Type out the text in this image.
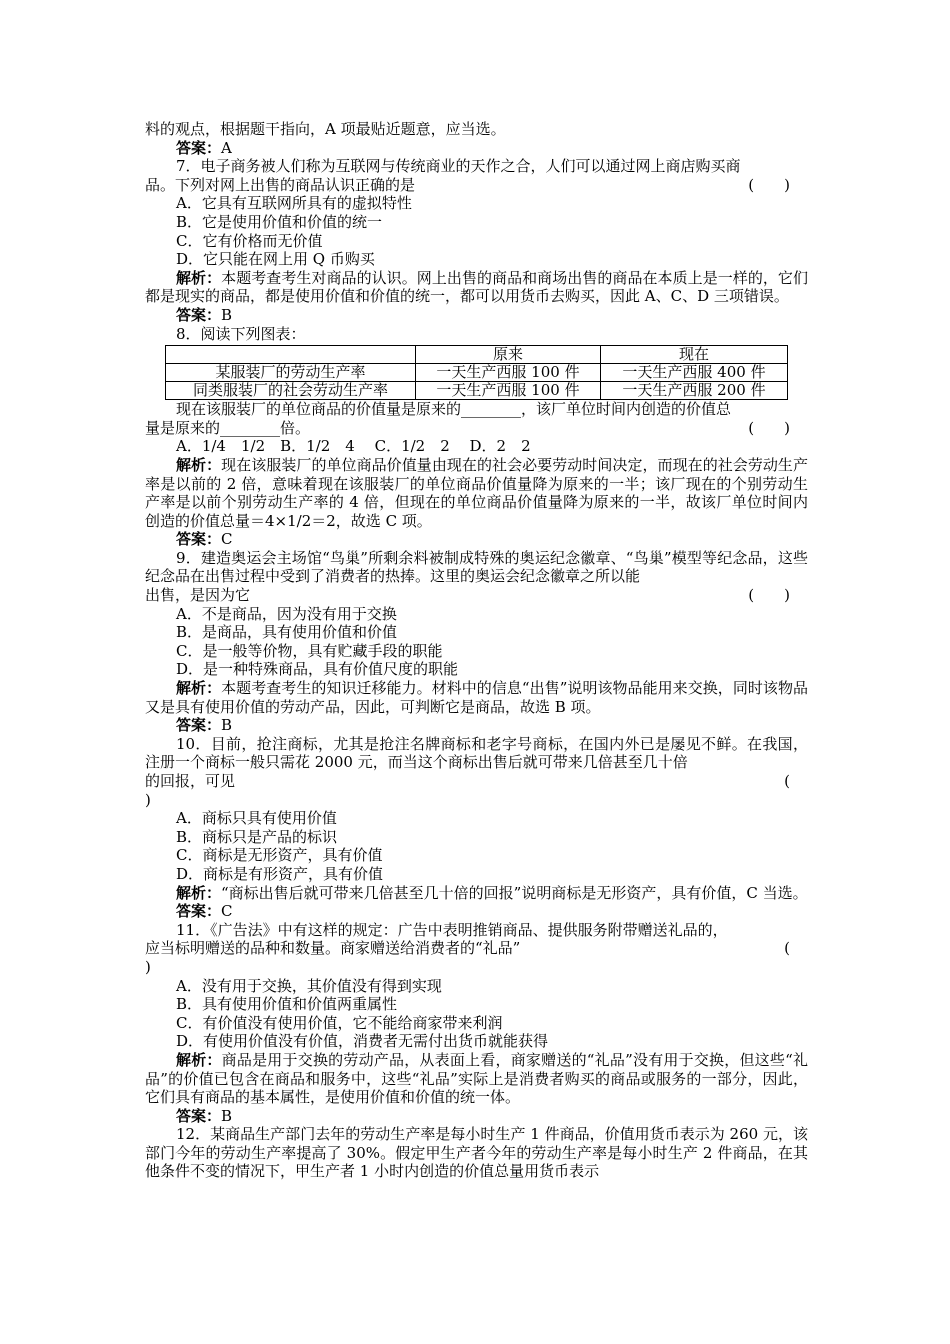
料的观点，根据题干指向，A 项最贴近题意，应当选。

答案：A

7．电子商务被人们称为互联网与传统商业的天作之合，人们可以通过网上商店购买商

品。下列对网上出售的商品认识正确的是	(　　)

A．它具有互联网所具有的虚拟特性

B．它是使用价值和价值的统一

C．它有价格而无价值

D．它只能在网上用 Q 币购买

解析：本题考查考生对商品的认识。网上出售的商品和商场出售的商品在本质上是一样的，它们都是现实的商品，都是使用价值和价值的统一，都可以用货币去购买，因此 A、C、D 三项错误。

答案：B

8．阅读下列图表：

	原来	现在
某服装厂的劳动生产率	一天生产西服 100 件	一天生产西服 400 件
同类服装厂的社会劳动生产率	一天生产西服 100 件	一天生产西服 200 件

现在该服装厂的单位商品的价值量是原来的________，该厂单位时间内创造的价值总

量是原来的________倍。	(　　)

A．1/4　1/2　B．1/2　4　 C．1/2　2　 D．2　2

解析：现在该服装厂的单位商品价值量由现在的社会必要劳动时间决定，而现在的社会劳动生产率是以前的 2 倍，意味着现在该服装厂的单位商品价值量降为原来的一半；该厂现在的个别劳动生产率是以前个别劳动生产率的 4 倍，但现在的单位商品价值量降为原来的一半，故该厂单位时间内创造的价值总量＝4×1/2＝2，故选 C 项。

答案：C

9．建造奥运会主场馆“鸟巢”所剩余料被制成特殊的奥运纪念徽章、“鸟巢”模型等纪念品，这些纪念品在出售过程中受到了消费者的热捧。这里的奥运会纪念徽章之所以能

出售，是因为它	(　　)

A．不是商品，因为没有用于交换

B．是商品，具有使用价值和价值

C．是一般等价物，具有贮藏手段的职能

D．是一种特殊商品，具有价值尺度的职能

解析：本题考查考生的知识迁移能力。材料中的信息“出售”说明该物品能用来交换，同时该物品又是具有使用价值的劳动产品，因此，可判断它是商品，故选 B 项。

答案：B

10．目前，抢注商标，尤其是抢注名牌商标和老字号商标，在国内外已是屡见不鲜。在我国，注册一个商标一般只需花 2000 元，而当这个商标出售后就可带来几倍甚至几十倍

的回报，可见	(

)

A．商标只具有使用价值

B．商标只是产品的标识

C．商标是无形资产，具有价值

D．商标是有形资产，具有价值

解析：“商标出售后就可带来几倍甚至几十倍的回报”说明商标是无形资产，具有价值，C 当选。

答案：C

11．《广告法》中有这样的规定：广告中表明推销商品、提供服务附带赠送礼品的，

应当标明赠送的品种和数量。商家赠送给消费者的“礼品”	(

)

A．没有用于交换，其价值没有得到实现

B．具有使用价值和价值两重属性

C．有价值没有使用价值，它不能给商家带来利润

D．有使用价值没有价值，消费者无需付出货币就能获得

解析：商品是用于交换的劳动产品，从表面上看，商家赠送的“礼品”没有用于交换，但这些“礼品”的价值已包含在商品和服务中，这些“礼品”实际上是消费者购买的商品或服务的一部分，因此，它们具有商品的基本属性，是使用价值和价值的统一体。

答案：B

12．某商品生产部门去年的劳动生产率是每小时生产 1 件商品，价值用货币表示为 260 元，该部门今年的劳动生产率提高了 30%。假定甲生产者今年的劳动生产率是每小时生产 2 件商品，在其他条件不变的情况下，甲生产者 1 小时内创造的价值总量用货币表示
